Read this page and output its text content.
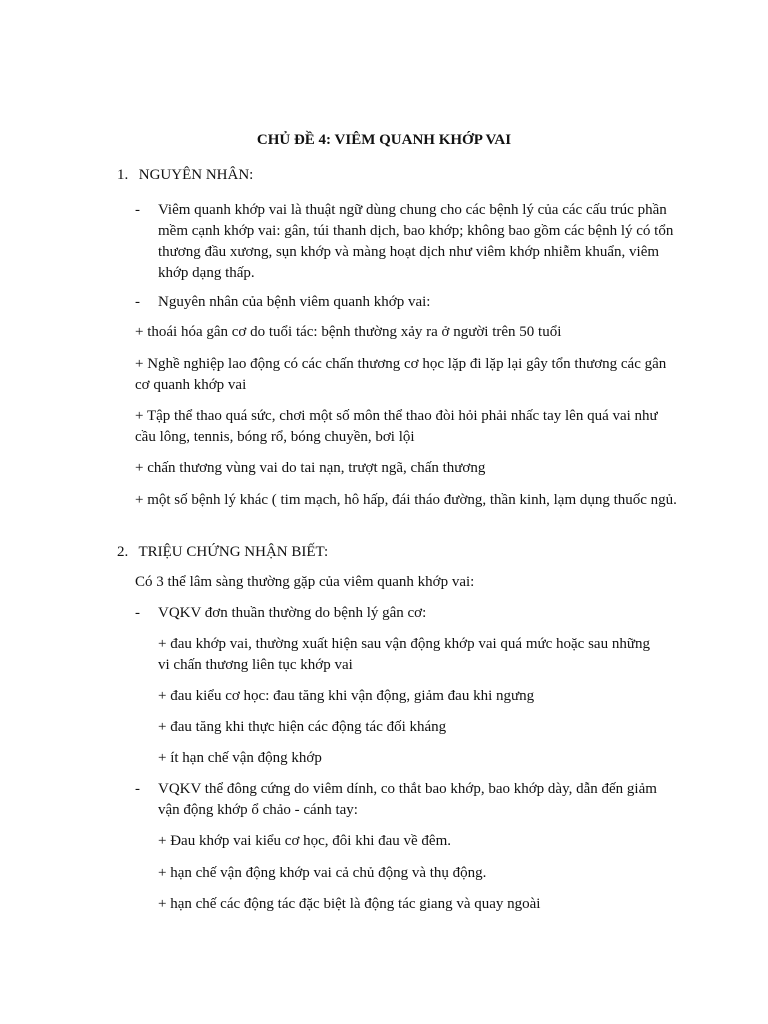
CHỦ ĐỀ 4: VIÊM QUANH KHỚP VAI
1. NGUYÊN NHÂN:
- Viêm quanh khớp vai là thuật ngữ dùng chung cho các bệnh lý của các cấu trúc phần mềm cạnh khớp vai: gân, túi thanh dịch, bao khớp; không bao gồm các bệnh lý có tổn thương đầu xương, sụn khớp và màng hoạt dịch như viêm khớp nhiễm khuẩn, viêm khớp dạng thấp.
- Nguyên nhân của bệnh viêm quanh khớp vai:
+ thoái hóa gân cơ do tuổi tác: bệnh thường xảy ra ở người trên 50 tuổi
+ Nghề nghiệp lao động có các chấn thương cơ học lặp đi lặp lại gây tổn thương các gân cơ quanh khớp vai
+ Tập thể thao quá sức, chơi một số môn thể thao đòi hỏi phải nhấc tay lên quá vai như cầu lông, tennis, bóng rổ, bóng chuyền, bơi lội
+ chấn thương vùng vai do tai nạn, trượt ngã, chấn thương
+ một số bệnh lý khác ( tim mạch, hô hấp, đái tháo đường, thần kinh, lạm dụng thuốc ngủ.
2. TRIỆU CHỨNG NHẬN BIẾT:
Có 3 thể lâm sàng thường gặp của viêm quanh khớp vai:
- VQKV đơn thuần thường do bệnh lý gân cơ:
+ đau khớp vai, thường xuất hiện sau vận động khớp vai quá mức hoặc sau những vi chấn thương liên tục khớp vai
+ đau kiểu cơ học: đau tăng khi vận động, giảm đau khi ngưng
+ đau tăng khi thực hiện các động tác đối kháng
+ ít hạn chế vận động khớp
- VQKV thể đông cứng do viêm dính, co thắt bao khớp, bao khớp dày, dẫn đến giảm vận động khớp ổ chảo - cánh tay:
+ Đau khớp vai kiểu cơ học, đôi khi đau về đêm.
+ hạn chế vận động khớp vai cả chủ động và thụ động.
+ hạn chế các động tác đặc biệt là động tác giang và quay ngoài
